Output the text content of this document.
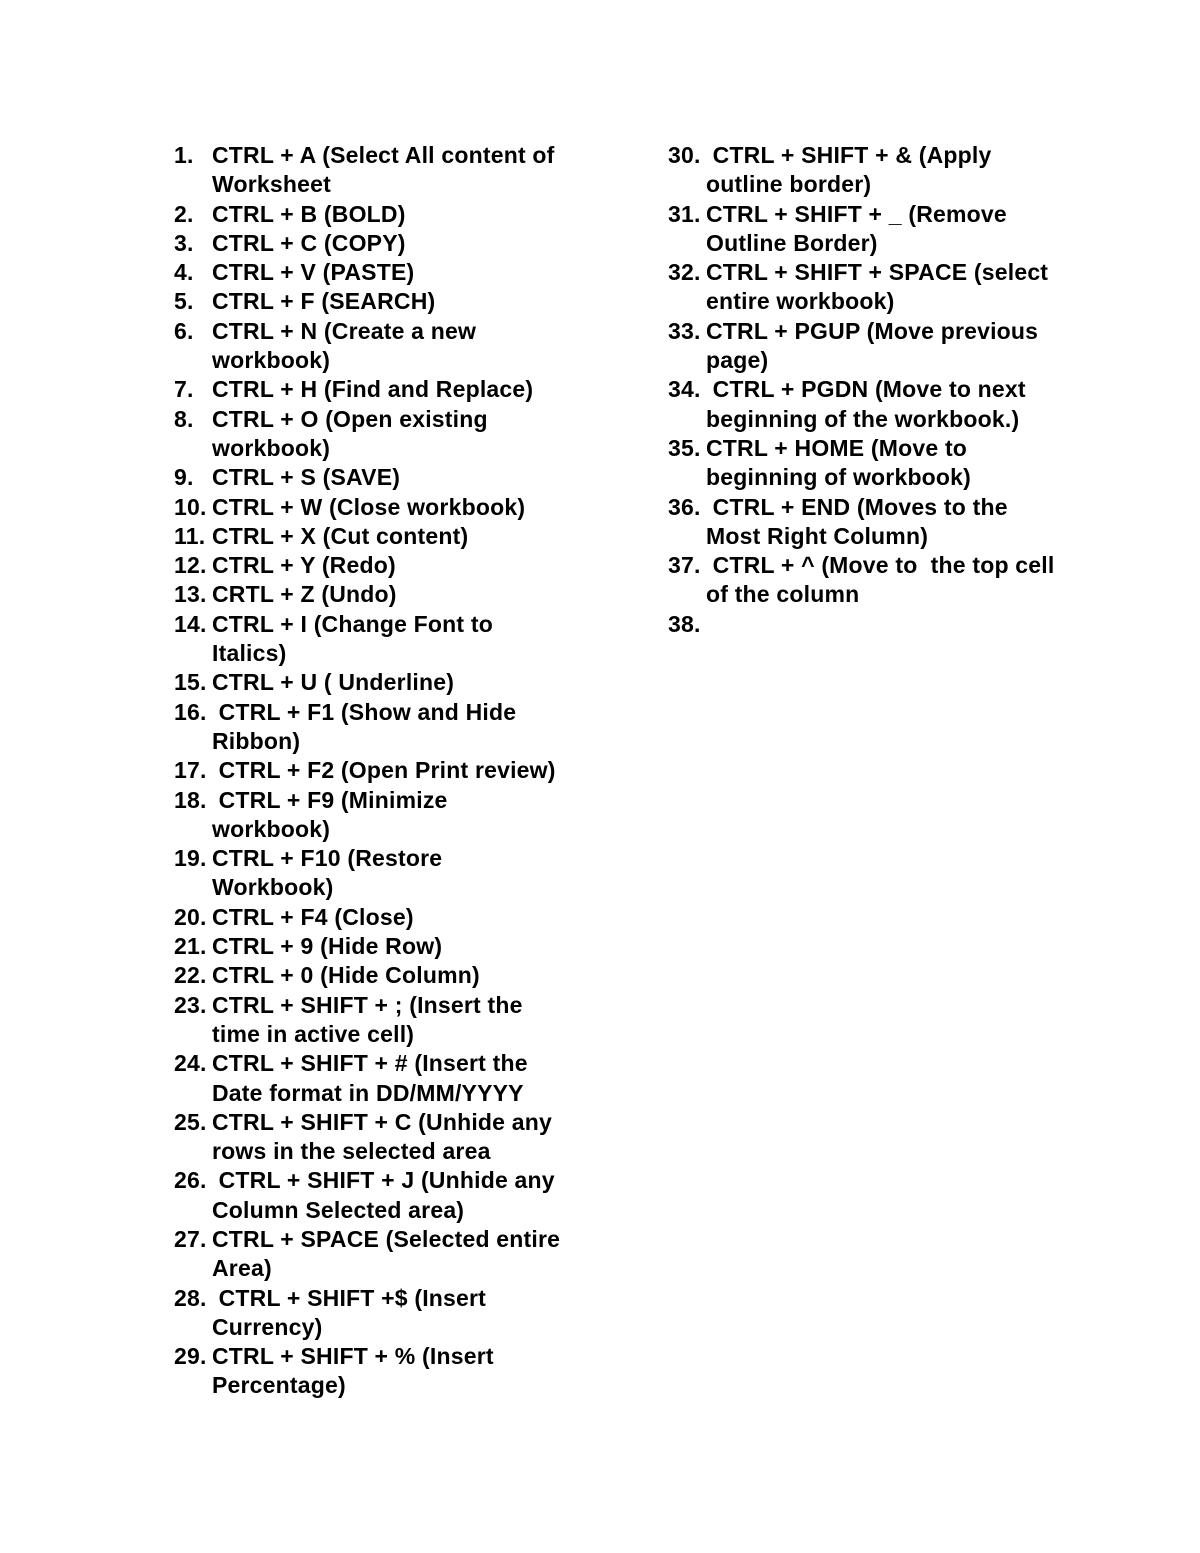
1. CTRL + A (Select All content of
Worksheet
2. CTRL + B (BOLD)
3. CTRL + C (COPY)
4. CTRL + V (PASTE)
5. CTRL + F (SEARCH)
6. CTRL + N (Create a new
workbook)
7. CTRL + H (Find and Replace)
8. CTRL + O (Open existing
workbook)
9. CTRL + S (SAVE)
10. CTRL + W (Close workbook)
11. CTRL + X (Cut content)
12. CTRL + Y (Redo)
13. CRTL + Z (Undo)
14. CTRL + I (Change Font to
Italics)
15. CTRL + U ( Underline)
16. CTRL + F1 (Show and Hide
Ribbon)
17. CTRL + F2 (Open Print review)
18. CTRL + F9 (Minimize
workbook)
19. CTRL + F10 (Restore
Workbook)
20. CTRL + F4 (Close)
21. CTRL + 9 (Hide Row)
22. CTRL + 0 (Hide Column)
23. CTRL + SHIFT + ; (Insert the
time in active cell)
24. CTRL + SHIFT + # (Insert the
Date format in DD/MM/YYYY
25. CTRL + SHIFT + C (Unhide any
rows in the selected area
26. CTRL + SHIFT + J (Unhide any
Column Selected area)
27. CTRL + SPACE (Selected entire
Area)
28. CTRL + SHIFT +$ (Insert
Currency)
29. CTRL + SHIFT + % (Insert
Percentage)
30. CTRL + SHIFT + & (Apply
outline border)
31. CTRL + SHIFT + _ (Remove
Outline Border)
32. CTRL + SHIFT + SPACE (select
entire workbook)
33. CTRL + PGUP (Move previous
page)
34. CTRL + PGDN (Move to next
beginning of the workbook.)
35. CTRL + HOME (Move to
beginning of workbook)
36. CTRL + END (Moves to the
Most Right Column)
37. CTRL + ^ (Move to  the top cell
of the column
38.
